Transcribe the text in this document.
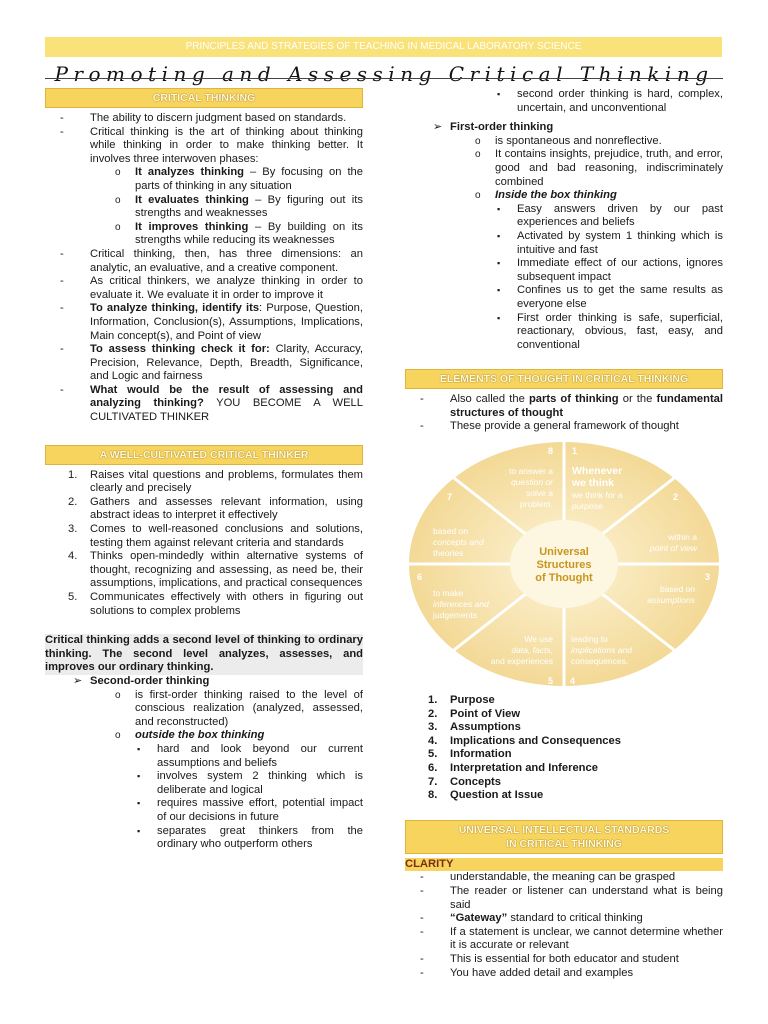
PRINCIPLES AND STRATEGIES OF TEACHING IN MEDICAL LABORATORY SCIENCE
Promoting and Assessing Critical Thinking
CRITICAL THINKING
- The ability to discern judgment based on standards.
- Critical thinking is the art of thinking about thinking while thinking in order to make thinking better. It involves three interwoven phases:
o It analyzes thinking – By focusing on the parts of thinking in any situation
o It evaluates thinking – By figuring out its strengths and weaknesses
o It improves thinking – By building on its strengths while reducing its weaknesses
- Critical thinking, then, has three dimensions: an analytic, an evaluative, and a creative component.
- As critical thinkers, we analyze thinking in order to evaluate it. We evaluate it in order to improve it
- To analyze thinking, identify its: Purpose, Question, Information, Conclusion(s), Assumptions, Implications, Main concept(s), and Point of view
- To assess thinking check it for: Clarity, Accuracy, Precision, Relevance, Depth, Breadth, Significance, and Logic and fairness
- What would be the result of assessing and analyzing thinking? YOU BECOME A WELL CULTIVATED THINKER
A WELL-CULTIVATED CRITICAL THINKER
1. Raises vital questions and problems, formulates them clearly and precisely
2. Gathers and assesses relevant information, using abstract ideas to interpret it effectively
3. Comes to well-reasoned conclusions and solutions, testing them against relevant criteria and standards
4. Thinks open-mindedly within alternative systems of thought, recognizing and assessing, as need be, their assumptions, implications, and practical consequences
5. Communicates effectively with others in figuring out solutions to complex problems
Critical thinking adds a second level of thinking to ordinary thinking. The second level analyzes, assesses, and improves our ordinary thinking.
➢ Second-order thinking
o is first-order thinking raised to the level of conscious realization (analyzed, assessed, and reconstructed)
o outside the box thinking
▪ hard and look beyond our current assumptions and beliefs
▪ involves system 2 thinking which is deliberate and logical
▪ requires massive effort, potential impact of our decisions in future
▪ separates great thinkers from the ordinary who outperform others
▪ second order thinking is hard, complex, uncertain, and unconventional
➢ First-order thinking
o is spontaneous and nonreflective.
o It contains insights, prejudice, truth, and error, good and bad reasoning, indiscriminately combined
o Inside the box thinking
▪ Easy answers driven by our past experiences and beliefs
▪ Activated by system 1 thinking which is intuitive and fast
▪ Immediate effect of our actions, ignores subsequent impact
▪ Confines us to get the same results as everyone else
▪ First order thinking is safe, superficial, reactionary, obvious, fast, easy, and conventional
ELEMENTS OF THOUGHT IN CRITICAL THINKING
- Also called the parts of thinking or the fundamental structures of thought
- These provide a general framework of thought
Universal
Structures
of Thought
8 1
2
3
4
5
6
7
Whenever
we think
we think for a
purpose
within a
point of view
based on
assumptions
leading to
implications and
consequences.
We use
data, facts,
and experiences
to make
inferences and
judgements
based on
concepts and
theories
to answer a
question or
solve a
problem.
1. Purpose
2. Point of View
3. Assumptions
4. Implications and Consequences
5. Information
6. Interpretation and Inference
7. Concepts
8. Question at Issue
UNIVERSAL INTELLECTUAL STANDARDS
IN CRITICAL THINKING
CLARITY
- understandable, the meaning can be grasped
- The reader or listener can understand what is being said
- “Gateway” standard to critical thinking
- If a statement is unclear, we cannot determine whether it is accurate or relevant
- This is essential for both educator and student
- You have added detail and examples
